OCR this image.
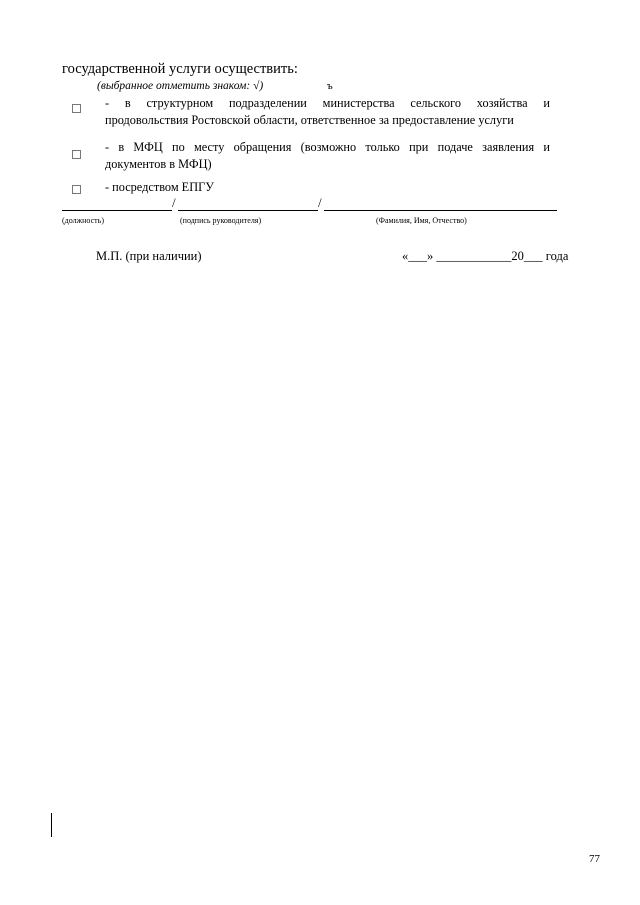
государственной услуги осуществить:
(выбранное отметить знаком: √)	ъ
- в структурном подразделении министерства сельского хозяйства и
продовольствия Ростовской области, ответственное за предоставление услуги
- в МФЦ по месту обращения (возможно только при подаче заявления и
документов в МФЦ)
- посредством ЕПГУ
/	/
(должность)	(подпись руководителя)	(Фамилия, Имя, Отчество)
М.П. (при наличии)	«___» ____________20___ года
77
